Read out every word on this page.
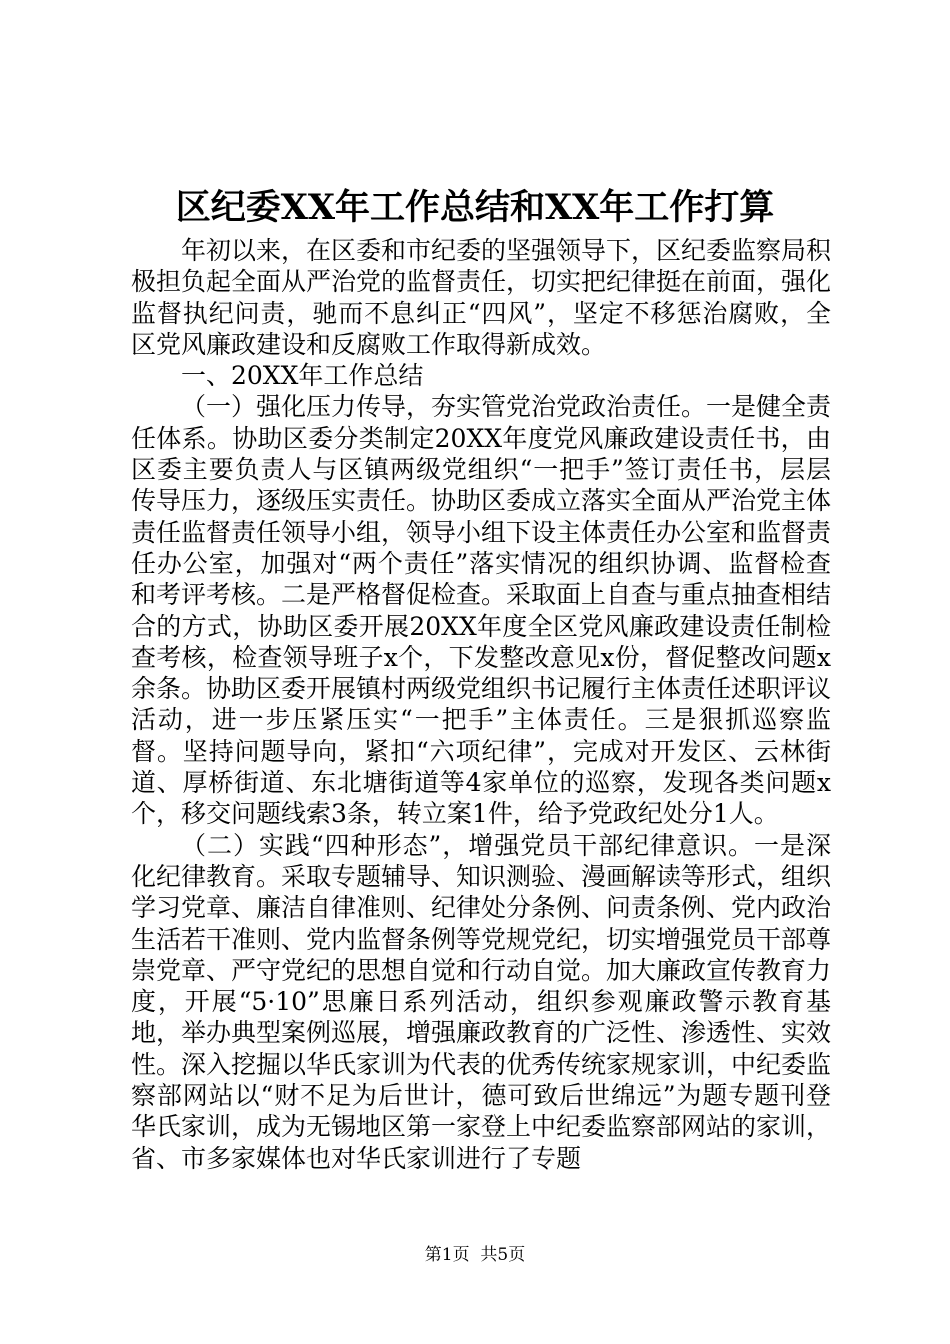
区纪委XX年工作总结和XX年工作打算

年初以来，在区委和市纪委的坚强领导下，区纪委监察局积极担负起全面从严治党的监督责任，切实把纪律挺在前面，强化监督执纪问责，驰而不息纠正“四风”，坚定不移惩治腐败，全区党风廉政建设和反腐败工作取得新成效。

一、20XX年工作总结

（一）强化压力传导，夯实管党治党政治责任。一是健全责任体系。协助区委分类制定20XX年度党风廉政建设责任书，由区委主要负责人与区镇两级党组织“一把手”签订责任书，层层传导压力，逐级压实责任。协助区委成立落实全面从严治党主体责任监督责任领导小组，领导小组下设主体责任办公室和监督责任办公室，加强对“两个责任”落实情况的组织协调、监督检查和考评考核。二是严格督促检查。采取面上自查与重点抽查相结合的方式，协助区委开展20XX年度全区党风廉政建设责任制检查考核，检查领导班子x个，下发整改意见x份，督促整改问题x余条。协助区委开展镇村两级党组织书记履行主体责任述职评议活动，进一步压紧压实“一把手”主体责任。三是狠抓巡察监督。坚持问题导向，紧扣“六项纪律”，完成对开发区、云林街道、厚桥街道、东北塘街道等4家单位的巡察，发现各类问题x个，移交问题线索3条，转立案1件，给予党政纪处分1人。

（二）实践“四种形态”，增强党员干部纪律意识。一是深化纪律教育。采取专题辅导、知识测验、漫画解读等形式，组织学习党章、廉洁自律准则、纪律处分条例、问责条例、党内政治生活若干准则、党内监督条例等党规党纪，切实增强党员干部尊崇党章、严守党纪的思想自觉和行动自觉。加大廉政宣传教育力度，开展“5·10”思廉日系列活动，组织参观廉政警示教育基地，举办典型案例巡展，增强廉政教育的广泛性、渗透性、实效性。深入挖掘以华氏家训为代表的优秀传统家规家训，中纪委监察部网站以“财不足为后世计，德可致后世绵远”为题专题刊登华氏家训，成为无锡地区第一家登上中纪委监察部网站的家训，省、市多家媒体也对华氏家训进行了专题

第1页 共5页
